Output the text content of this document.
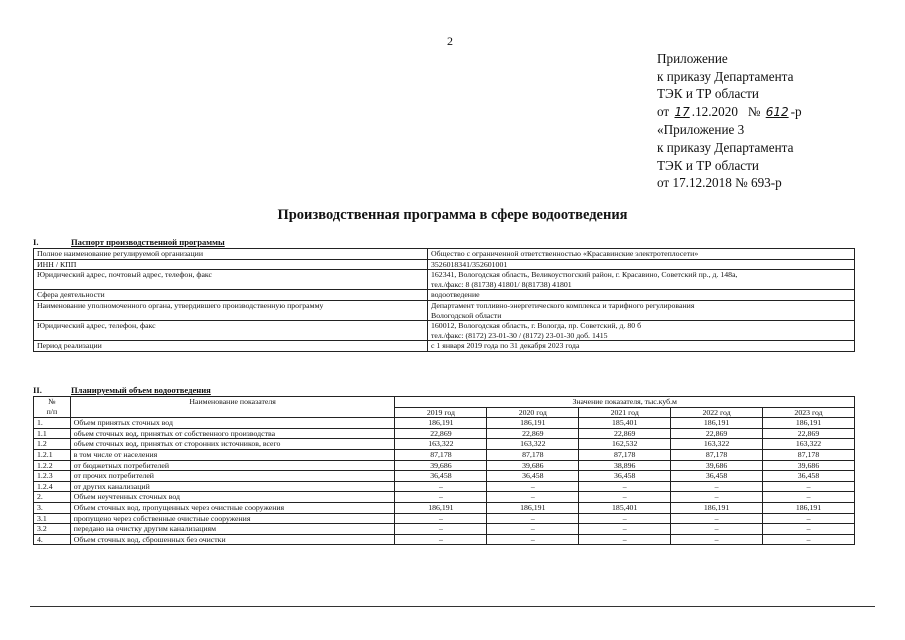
2
Приложение
к приказу Департамента
ТЭК и ТР области
от 17 .12.2020 № 612 -р
«Приложение 3
к приказу Департамента
ТЭК и ТР области
от 17.12.2018 № 693-р
Производственная программа в сфере водоотведения
I.	Паспорт производственной программы
Полное наименование регулируемой организации	Общество с ограниченной ответственностью «Красавинские электротеплосети»

ИНН / КПП	3526018341/352601001

Юридический адрес, почтовый адрес, телефон, факс	162341, Вологодская область, Великоустюгский район, г. Красавино, Советский пр., д. 148а,
тел./факс: 8 (81738) 41801/ 8(81738) 41801

Сфера деятельности	водоотведение

Наименование уполномоченного органа, утвердившего производственную программу	Департамент топливно-энергетического комплекса и тарифного регулирования
Вологодской области

Юридический адрес, телефон, факс	160012, Вологодская область, г. Вологда, пр. Советский, д. 80 б
тел./факс: (8172) 23-01-30 / (8172) 23-01-30 доб. 1415

Период реализации	с 1 января 2019 года по 31 декабря 2023 года
II.	Планируемый объем водоотведения
№
п/п	Наименование показателя	Значение показателя, тыс.куб.м				
		2019 год	2020 год	2021 год	2022 год	2023 год
1.	Объем принятых сточных вод	186,191	186,191	185,401	186,191	186,191
1.1	объем сточных вод, принятых от собственного производства	22,869	22,869	22,869	22,869	22,869
1.2	объем сточных вод, принятых от сторонних источников, всего	163,322	163,322	162,532	163,322	163,322
1.2.1	в том числе от населения	87,178	87,178	87,178	87,178	87,178
1.2.2	от бюджетных потребителей	39,686	39,686	38,896	39,686	39,686
1.2.3	от прочих потребителей	36,458	36,458	36,458	36,458	36,458
1.2.4	от других канализаций	–	–	–	–	–
2.	Объем неучтенных сточных вод	–	–	–	–	–
3.	Объем сточных вод, пропущенных через очистные сооружения	186,191	186,191	185,401	186,191	186,191
3.1	пропущено через собственные очистные сооружения	–	–	–	–	–
3.2	передано на очистку другим канализациям	–	–	–	–	–
4.	Объем сточных вод, сброшенных без очистки	–	–	–	–	–
